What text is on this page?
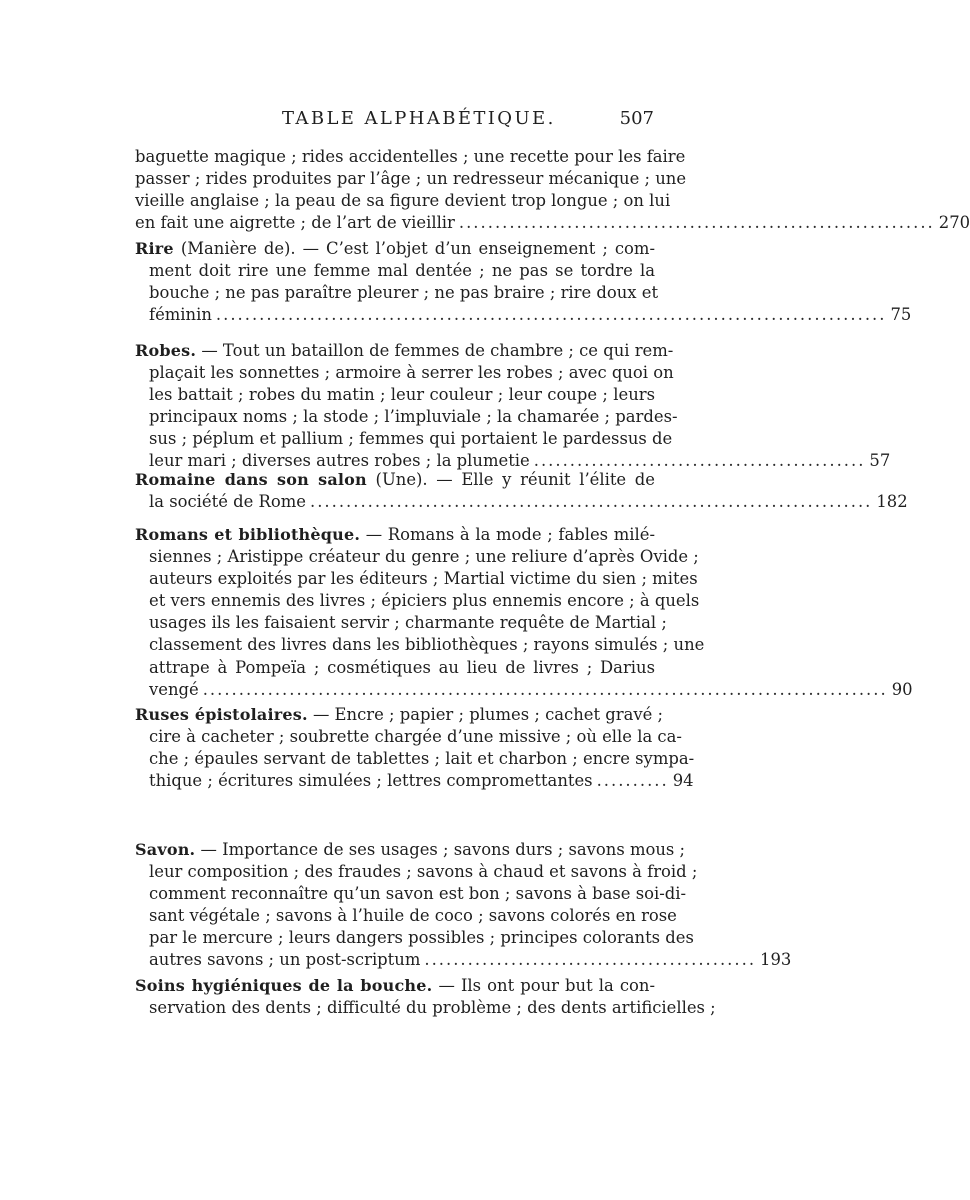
TABLE ALPHABÉTIQUE.	507
baguette magique ; rides accidentelles ; une recette pour les faire
passer ; rides produites par l’âge ; un redresseur mécanique ; une
vieille anglaise ; la peau de sa figure devient trop longue ; on lui
en fait une aigrette ; de l’art de vieillir .................................................................. 270
Rire (Manière de). — C’est l’objet d’un enseignement ; com-
ment doit rire une femme mal dentée ; ne pas se tordre la
bouche ; ne pas paraître pleurer ; ne pas braire ; rire doux et
féminin ............................................................................................. 75
Robes. — Tout un bataillon de femmes de chambre ; ce qui rem-
plaçait les sonnettes ; armoire à serrer les robes ; avec quoi on
les battait ; robes du matin ; leur couleur ; leur coupe ; leurs
principaux noms ; la stode ; l’impluviale ; la chamarée ; pardes-
sus ; péplum et pallium ; femmes qui portaient le pardessus de
leur mari ; diverses autres robes ; la plumetie .............................................. 57
Romaine dans son salon (Une). — Elle y réunit l’élite de
la société de Rome .............................................................................. 182
Romans et bibliothèque. — Romans à la mode ; fables milé-
siennes ; Aristippe créateur du genre ; une reliure d’après Ovide ;
auteurs exploités par les éditeurs ; Martial victime du sien ; mites
et vers ennemis des livres ; épiciers plus ennemis encore ; à quels
usages ils les faisaient servir ; charmante requête de Martial ;
classement des livres dans les bibliothèques ; rayons simulés ; une
attrape à Pompeïa ; cosmétiques au lieu de livres ; Darius
vengé ............................................................................................... 90
Ruses épistolaires. — Encre ; papier ; plumes ; cachet gravé ;
cire à cacheter ; soubrette chargée d’une missive ; où elle la ca-
che ; épaules servant de tablettes ; lait et charbon ; encre sympa-
thique ; écritures simulées ; lettres compromettantes .......... 94
Savon. — Importance de ses usages ; savons durs ; savons mous ;
leur composition ; des fraudes ; savons à chaud et savons à froid ;
comment reconnaître qu’un savon est bon ; savons à base soi-di-
sant végétale ; savons à l’huile de coco ; savons colorés en rose
par le mercure ; leurs dangers possibles ; principes colorants des
autres savons ; un post-scriptum .............................................. 193
Soins hygiéniques de la bouche. — Ils ont pour but la con-
servation des dents ; difficulté du problème ; des dents artificielles ;
